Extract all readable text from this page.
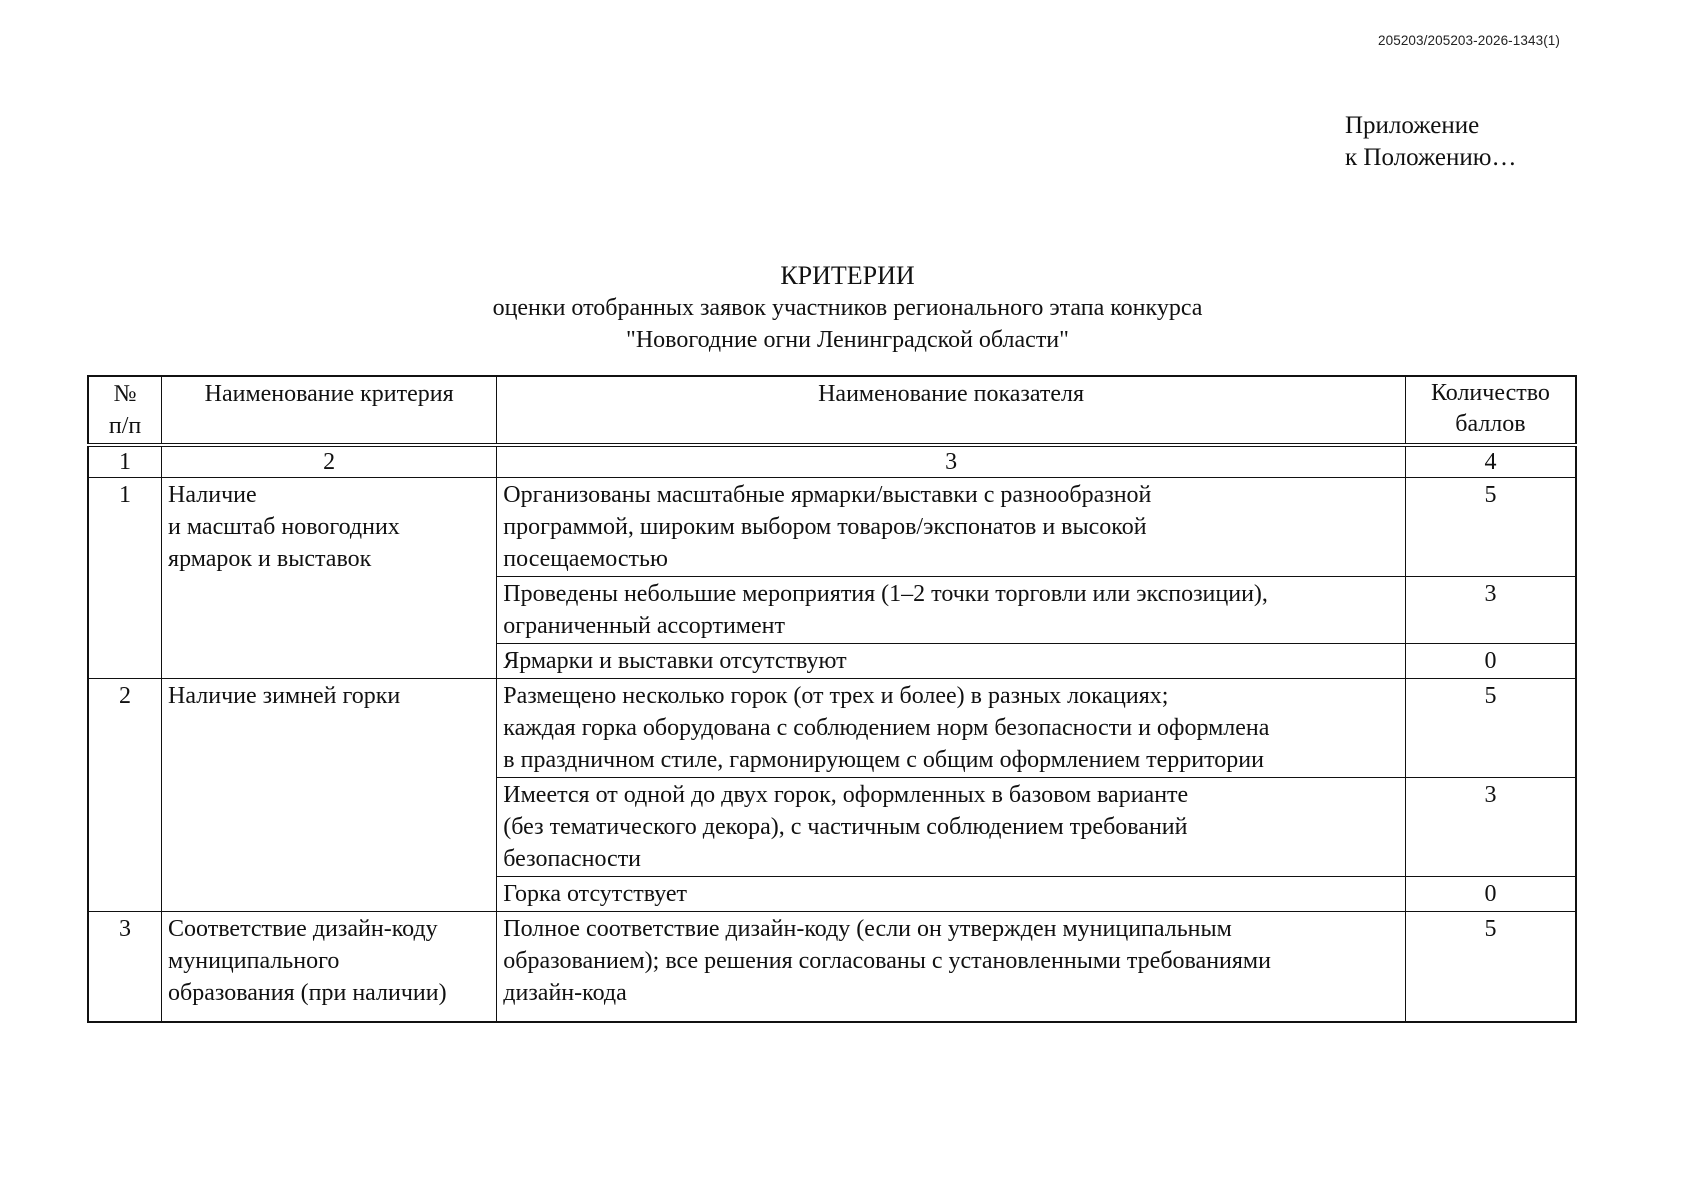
205203/205203-2026-1343(1)
Приложение
к Положению…
КРИТЕРИИ
оценки отобранных заявок участников регионального этапа конкурса
"Новогодние огни Ленинградской области"
№
п/п	Наименование критерия	Наименование показателя	Количество
баллов
1	2	3	4
1	Наличие
и масштаб новогодних
ярмарок и выставок	Организованы масштабные ярмарки/выставки с разнообразной
программой, широким выбором товаров/экспонатов и высокой
посещаемостью	5
		Проведены небольшие мероприятия (1–2 точки торговли или экспозиции),
ограниченный ассортимент	3
		Ярмарки и выставки отсутствуют	0
2	Наличие зимней горки	Размещено несколько горок (от трех и более) в разных локациях;
каждая горка оборудована с соблюдением норм безопасности и оформлена
в праздничном стиле, гармонирующем с общим оформлением территории	5
		Имеется от одной до двух горок, оформленных в базовом варианте
(без тематического декора), с частичным соблюдением требований
безопасности	3
		Горка отсутствует	0
3	Соответствие дизайн-коду
муниципального
образования (при наличии)	Полное соответствие дизайн-коду (если он утвержден муниципальным
образованием); все решения согласованы с установленными требованиями
дизайн-кода	5
